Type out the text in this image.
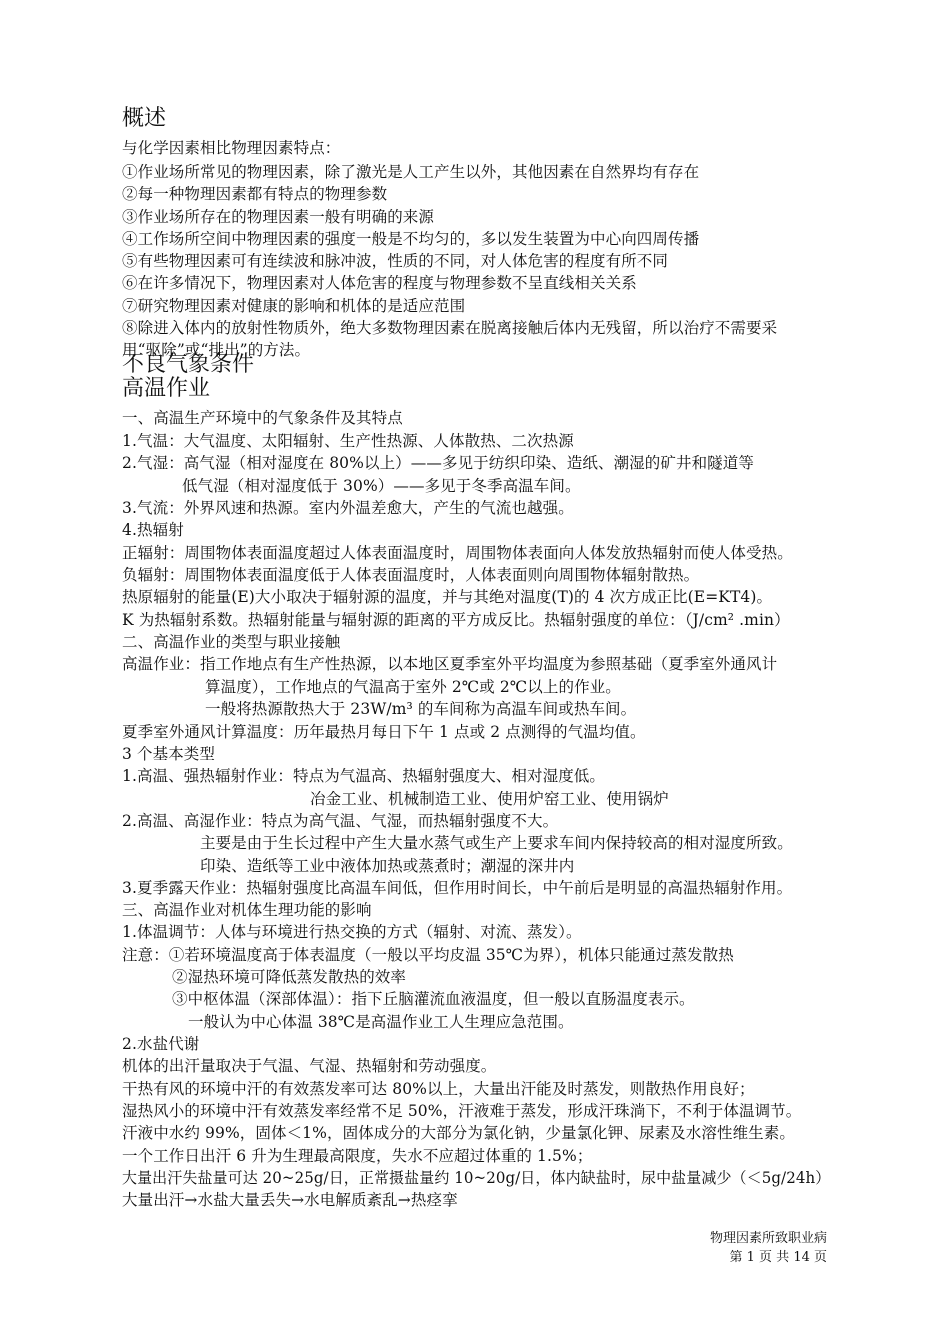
概述
与化学因素相比物理因素特点：
①作业场所常见的物理因素，除了激光是人工产生以外，其他因素在自然界均有存在
②每一种物理因素都有特点的物理参数
③作业场所存在的物理因素一般有明确的来源
④工作场所空间中物理因素的强度一般是不均匀的，多以发生装置为中心向四周传播
⑤有些物理因素可有连续波和脉冲波，性质的不同，对人体危害的程度有所不同
⑥在许多情况下，物理因素对人体危害的程度与物理参数不呈直线相关关系
⑦研究物理因素对健康的影响和机体的是适应范围
⑧除进入体内的放射性物质外，绝大多数物理因素在脱离接触后体内无残留，所以治疗不需要采
用“驱除”或“排出”的方法。
不良气象条件
高温作业
一、高温生产环境中的气象条件及其特点
1.气温：大气温度、太阳辐射、生产性热源、人体散热、二次热源
2.气湿：高气湿（相对湿度在 80%以上）——多见于纺织印染、造纸、潮湿的矿井和隧道等
低气湿（相对湿度低于 30%）——多见于冬季高温车间。
3.气流：外界风速和热源。室内外温差愈大，产生的气流也越强。
4.热辐射
正辐射：周围物体表面温度超过人体表面温度时，周围物体表面向人体发放热辐射而使人体受热。
负辐射：周围物体表面温度低于人体表面温度时，人体表面则向周围物体辐射散热。
热原辐射的能量(E)大小取决于辐射源的温度，并与其绝对温度(T)的 4 次方成正比(E=KT4)。
K 为热辐射系数。热辐射能量与辐射源的距离的平方成反比。热辐射强度的单位：（J/cm² .min）
二、高温作业的类型与职业接触
高温作业：指工作地点有生产性热源，以本地区夏季室外平均温度为参照基础（夏季室外通风计
算温度），工作地点的气温高于室外 2℃或 2℃以上的作业。
一般将热源散热大于 23W/m³ 的车间称为高温车间或热车间。
夏季室外通风计算温度：历年最热月每日下午 1 点或 2 点测得的气温均值。
3 个基本类型
1.高温、强热辐射作业：特点为气温高、热辐射强度大、相对湿度低。
冶金工业、机械制造工业、使用炉窑工业、使用锅炉
2.高温、高湿作业：特点为高气温、气湿，而热辐射强度不大。
主要是由于生长过程中产生大量水蒸气或生产上要求车间内保持较高的相对湿度所致。
印染、造纸等工业中液体加热或蒸煮时；潮湿的深井内
3.夏季露天作业：热辐射强度比高温车间低，但作用时间长，中午前后是明显的高温热辐射作用。
三、高温作业对机体生理功能的影响
1.体温调节：人体与环境进行热交换的方式（辐射、对流、蒸发）。
注意：①若环境温度高于体表温度（一般以平均皮温 35℃为界），机体只能通过蒸发散热
②湿热环境可降低蒸发散热的效率
③中枢体温（深部体温）：指下丘脑灌流血液温度，但一般以直肠温度表示。
一般认为中心体温 38℃是高温作业工人生理应急范围。
2.水盐代谢
机体的出汗量取决于气温、气湿、热辐射和劳动强度。
干热有风的环境中汗的有效蒸发率可达 80%以上，大量出汗能及时蒸发，则散热作用良好；
湿热风小的环境中汗有效蒸发率经常不足 50%，汗液难于蒸发，形成汗珠淌下，不利于体温调节。
汗液中水约 99%，固体＜1%，固体成分的大部分为氯化钠，少量氯化钾、尿素及水溶性维生素。
一个工作日出汗 6 升为生理最高限度，失水不应超过体重的 1.5%；
大量出汗失盐量可达 20~25g/日，正常摄盐量约 10~20g/日，体内缺盐时，尿中盐量减少（＜5g/24h）
大量出汗→水盐大量丢失→水电解质紊乱→热痉挛
物理因素所致职业病
第 1 页 共 14 页
